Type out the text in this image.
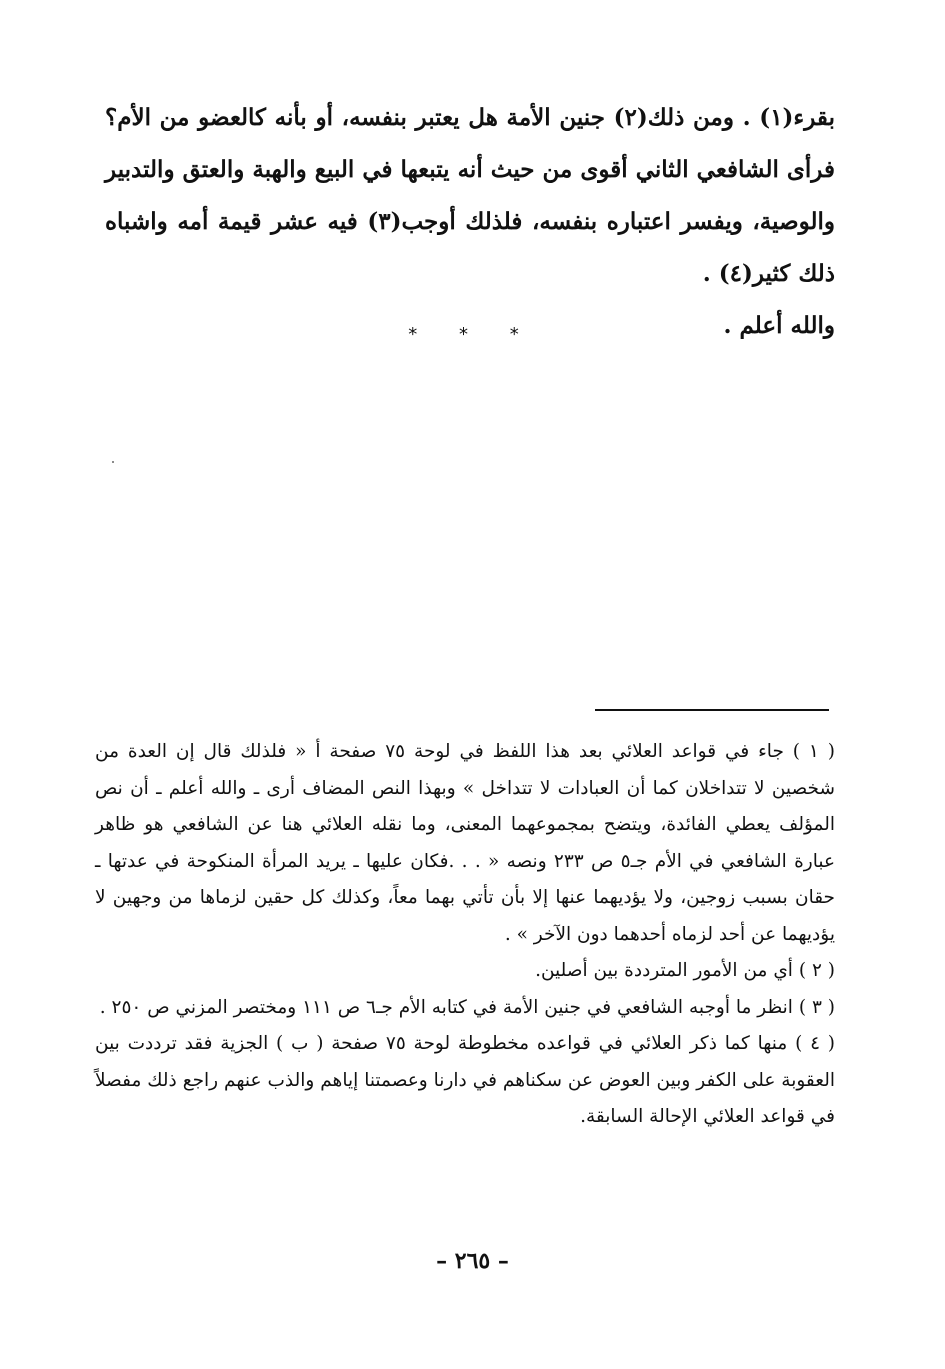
بقرء(١) . ومن ذلك(٢) جنين الأمة هل يعتبر بنفسه، أو بأنه كالعضو من الأم؟ فرأى الشافعي الثاني أقوى من حيث أنه يتبعها في البيع والهبة والعتق والتدبير والوصية، ويفسر اعتباره بنفسه، فلذلك أوجب(٣) فيه عشر قيمة أمه واشباه ذلك كثير(٤) .

والله أعلم .

* * *

( ١ ) جاء في قواعد العلائي بعد هذا اللفظ في لوحة ٧٥ صفحة أ « فلذلك قال إن العدة من شخصين لا تتداخلان كما أن العبادات لا تتداخل » وبهذا النص المضاف أرى ـ والله أعلم ـ أن نص المؤلف يعطي الفائدة، ويتضح بمجموعهما المعنى، وما نقله العلائي هنا عن الشافعي هو ظاهر عبارة الشافعي في الأم جـ٥ ص ٢٣٣ ونصه « . . .فكان عليها ـ يريد المرأة المنكوحة في عدتها ـ حقان بسبب زوجين، ولا يؤديهما عنها إلا بأن تأتي بهما معاً، وكذلك كل حقين لزماها من وجهين لا يؤديهما عن أحد لزماه أحدهما دون الآخر » .

( ٢ ) أي من الأمور المترددة بين أصلين.

( ٣ ) انظر ما أوجبه الشافعي في جنين الأمة في كتابه الأم جـ٦ ص ١١١ ومختصر المزني ص ٢٥٠ .

( ٤ ) منها كما ذكر العلائي في قواعده مخطوطة لوحة ٧٥ صفحة ( ب ) الجزية فقد ترددت بين العقوبة على الكفر وبين العوض عن سكناهم في دارنا وعصمتنا إياهم والذب عنهم راجع ذلك مفصلاً في قواعد العلائي الإحالة السابقة.

– ٢٦٥ –
